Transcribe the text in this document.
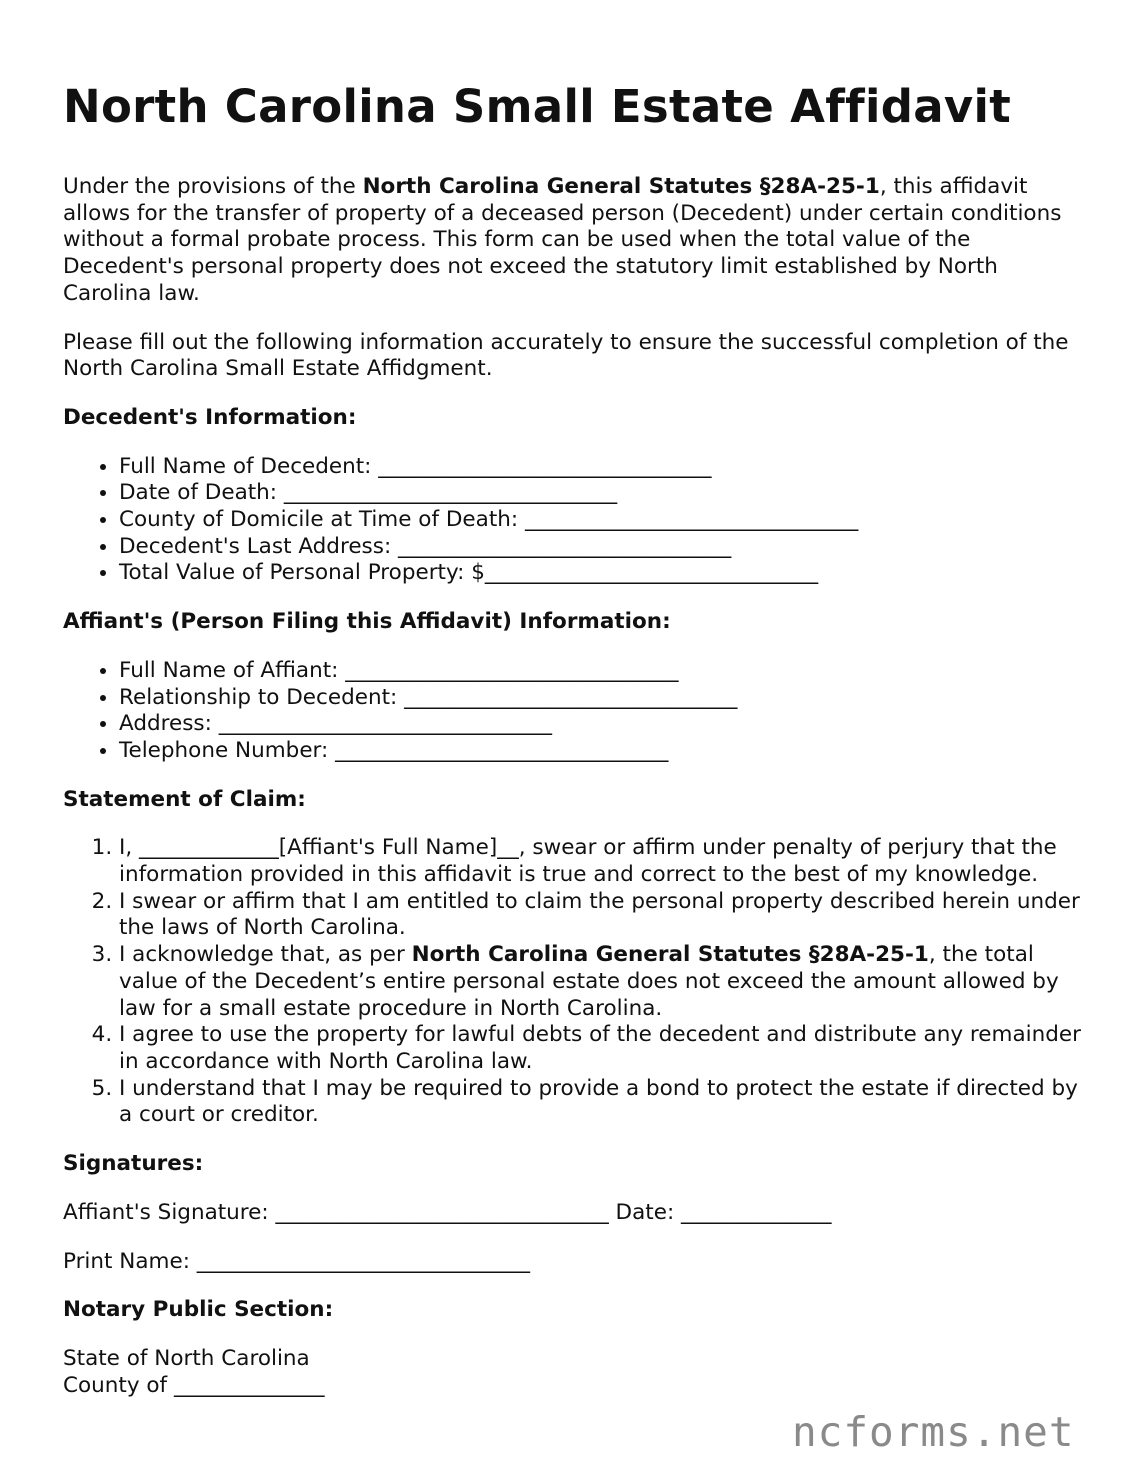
North Carolina Small Estate Affidavit

Under the provisions of the North Carolina General Statutes §28A-25-1, this affidavit allows for the transfer of property of a deceased person (Decedent) under certain conditions without a formal probate process. This form can be used when the total value of the Decedent's personal property does not exceed the statutory limit established by North Carolina law.

Please fill out the following information accurately to ensure the successful completion of the North Carolina Small Estate Affidgment.

Decedent's Information:
• Full Name of Decedent: _______________________________
• Date of Death: _______________________________
• County of Domicile at Time of Death: _______________________________
• Decedent's Last Address: _______________________________
• Total Value of Personal Property: $_______________________________
Affiant's (Person Filing this Affidavit) Information:
• Full Name of Affiant: _______________________________
• Relationship to Decedent: _______________________________
• Address: _______________________________
• Telephone Number: _______________________________
Statement of Claim:
1. I, _____________[Affiant's Full Name]__, swear or affirm under penalty of perjury that the information provided in this affidavit is true and correct to the best of my knowledge.
2. I swear or affirm that I am entitled to claim the personal property described herein under the laws of North Carolina.
3. I acknowledge that, as per North Carolina General Statutes §28A-25-1, the total value of the Decedent’s entire personal estate does not exceed the amount allowed by law for a small estate procedure in North Carolina.
4. I agree to use the property for lawful debts of the decedent and distribute any remainder in accordance with North Carolina law.
5. I understand that I may be required to provide a bond to protect the estate if directed by a court or creditor.
Signatures:

Affiant's Signature: _______________________________ Date: ______________

Print Name: _______________________________

Notary Public Section:

State of North Carolina

County of ______________

ncforms.net
